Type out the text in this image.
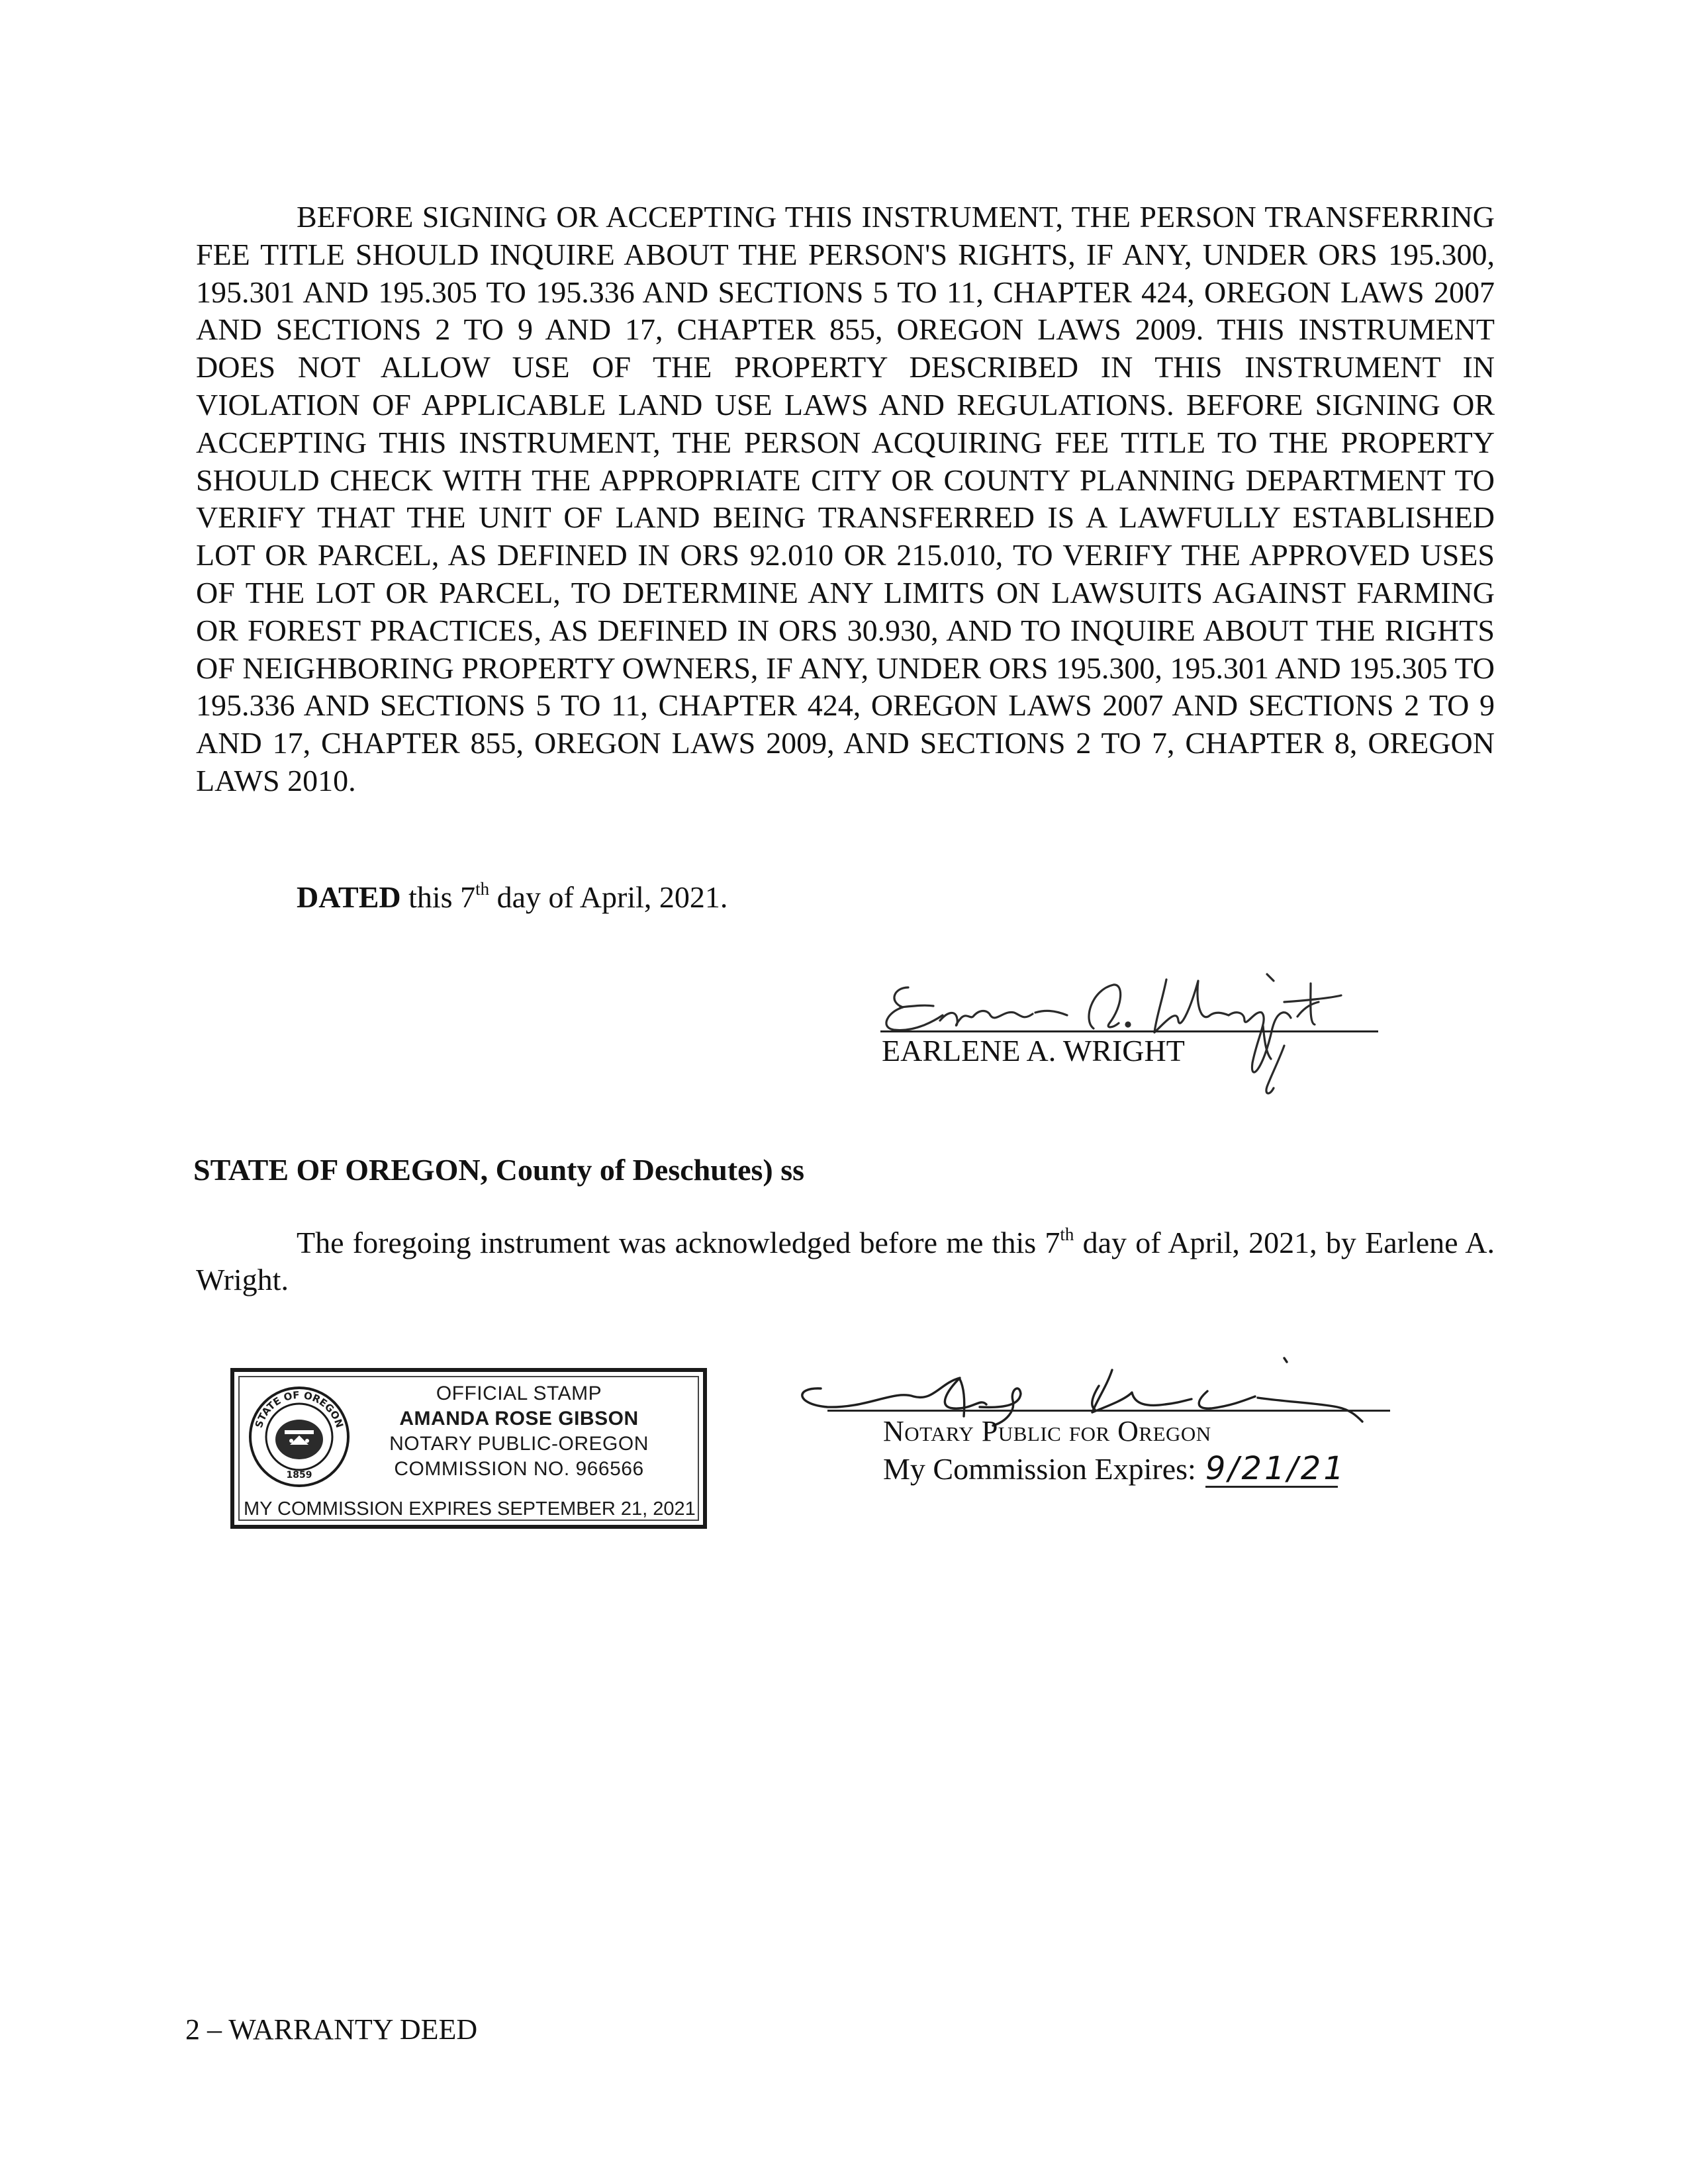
BEFORE SIGNING OR ACCEPTING THIS INSTRUMENT, THE PERSON TRANSFERRING FEE TITLE SHOULD INQUIRE ABOUT THE PERSON'S RIGHTS, IF ANY, UNDER ORS 195.300, 195.301 AND 195.305 TO 195.336 AND SECTIONS 5 TO 11, CHAPTER 424, OREGON LAWS 2007 AND SECTIONS 2 TO 9 AND 17, CHAPTER 855, OREGON LAWS 2009. THIS INSTRUMENT DOES NOT ALLOW USE OF THE PROPERTY DESCRIBED IN THIS INSTRUMENT IN VIOLATION OF APPLICABLE LAND USE LAWS AND REGULATIONS. BEFORE SIGNING OR ACCEPTING THIS INSTRUMENT, THE PERSON ACQUIRING FEE TITLE TO THE PROPERTY SHOULD CHECK WITH THE APPROPRIATE CITY OR COUNTY PLANNING DEPARTMENT TO VERIFY THAT THE UNIT OF LAND BEING TRANSFERRED IS A LAWFULLY ESTABLISHED LOT OR PARCEL, AS DEFINED IN ORS 92.010 OR 215.010, TO VERIFY THE APPROVED USES OF THE LOT OR PARCEL, TO DETERMINE ANY LIMITS ON LAWSUITS AGAINST FARMING OR FOREST PRACTICES, AS DEFINED IN ORS 30.930, AND TO INQUIRE ABOUT THE RIGHTS OF NEIGHBORING PROPERTY OWNERS, IF ANY, UNDER ORS 195.300, 195.301 AND 195.305 TO 195.336 AND SECTIONS 5 TO 11, CHAPTER 424, OREGON LAWS 2007 AND SECTIONS 2 TO 9 AND 17, CHAPTER 855, OREGON LAWS 2009, AND SECTIONS 2 TO 7, CHAPTER 8, OREGON LAWS 2010.

DATED this 7th day of April, 2021.

EARLENE A. WRIGHT

STATE OF OREGON, County of Deschutes) ss

The foregoing instrument was acknowledged before me this 7th day of April, 2021, by Earlene A. Wright.

STATE OF OREGON
1859
OFFICIAL STAMP
AMANDA ROSE GIBSON
NOTARY PUBLIC-OREGON
COMMISSION NO. 966566
MY COMMISSION EXPIRES SEPTEMBER 21, 2021
Notary Public for Oregon
My Commission Expires: 9/21/21
2 – WARRANTY DEED
